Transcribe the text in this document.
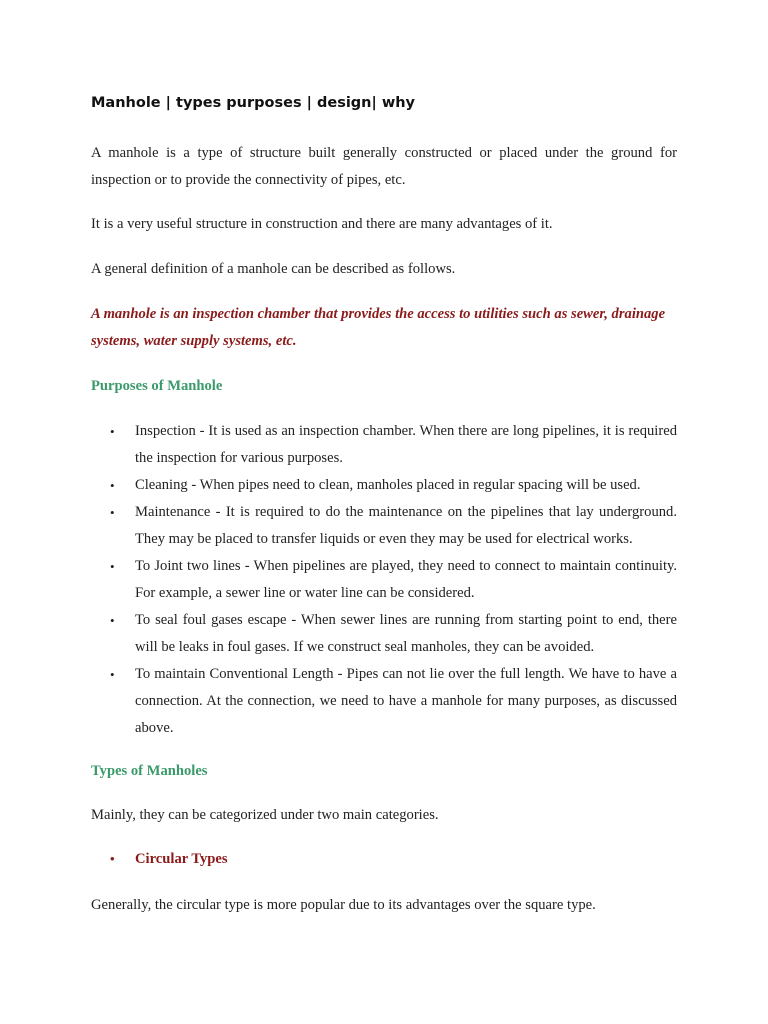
Manhole | types purposes | design| why

A manhole is a type of structure built generally constructed or placed under the ground for inspection or to provide the connectivity of pipes, etc.

It is a very useful structure in construction and there are many advantages of it.

A general definition of a manhole can be described as follows.

A manhole is an inspection chamber that provides the access to utilities such as sewer, drainage systems, water supply systems, etc.

Purposes of Manhole
• Inspection - It is used as an inspection chamber. When there are long pipelines, it is required the inspection for various purposes.
• Cleaning - When pipes need to clean, manholes placed in regular spacing will be used.
• Maintenance - It is required to do the maintenance on the pipelines that lay underground. They may be placed to transfer liquids or even they may be used for electrical works.
• To Joint two lines - When pipelines are played, they need to connect to maintain continuity. For example, a sewer line or water line can be considered.
• To seal foul gases escape - When sewer lines are running from starting point to end, there will be leaks in foul gases. If we construct seal manholes, they can be avoided.
• To maintain Conventional Length - Pipes can not lie over the full length. We have to have a connection. At the connection, we need to have a manhole for many purposes, as discussed above.
Types of Manholes

Mainly, they can be categorized under two main categories.

• Circular Types

Generally, the circular type is more popular due to its advantages over the square type.
